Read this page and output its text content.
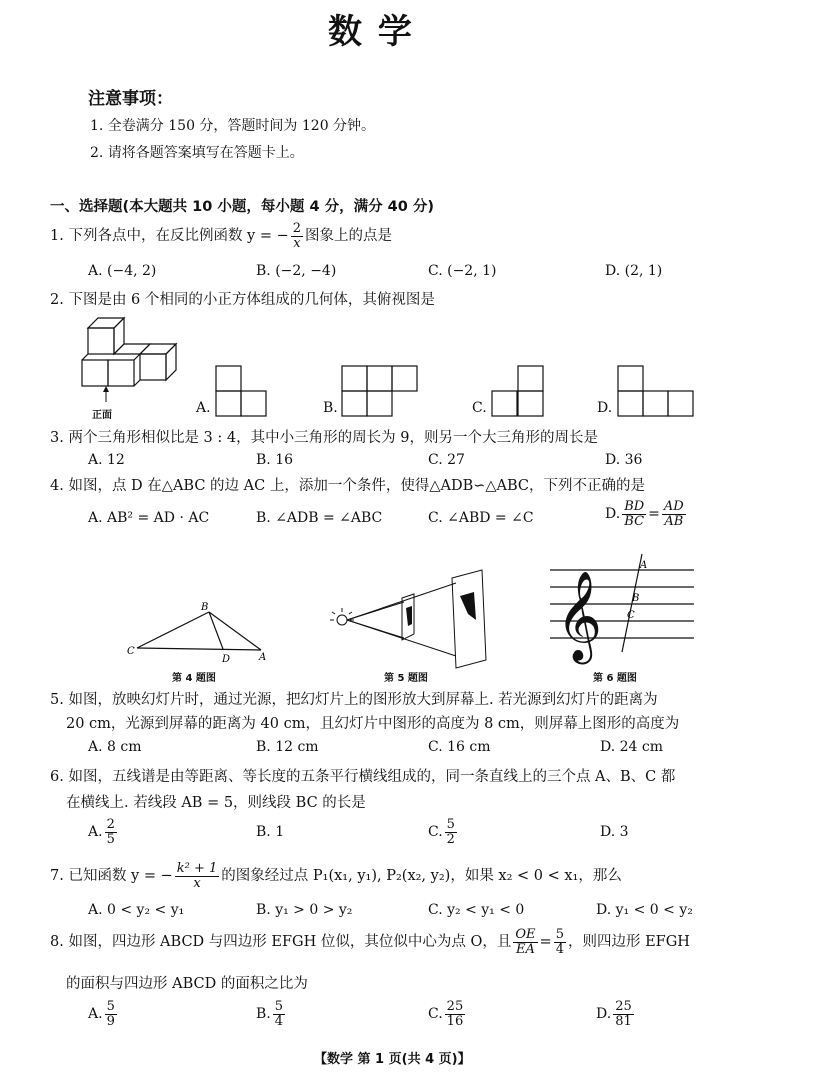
数 学
注意事项：
1. 全卷满分 150 分，答题时间为 120 分钟。
2. 请将各题答案填写在答题卡上。
一、选择题(本大题共 10 小题，每小题 4 分，满分 40 分)
1. 下列各点中，在反比例函数 y = − $\frac{2}{x}$ 图象上的点是
A. (−4, 2)	B. (−2, −4)	C. (−2, 1)	D. (2, 1)
2. 下图是由 6 个相同的小正方体组成的几何体，其俯视图是
正面	A.	B.	C.	D.
3. 两个三角形相似比是 3 : 4，其中小三角形的周长为 9，则另一个大三角形的周长是
A. 12	B. 16	C. 27	D. 36
4. 如图，点 D 在△ABC 的边 AC 上，添加一个条件，使得△ADB∽△ABC，下列不正确的是
A. AB² = AD · AC	B. ∠ADB = ∠ABC	C. ∠ABD = ∠C	D. $\frac{BD}{BC} = \frac{AD}{AB}$
B
C
D	A
第 4 题图	第 5 题图
𝄞
A
B
C
第 6 题图
5. 如图，放映幻灯片时，通过光源，把幻灯片上的图形放大到屏幕上. 若光源到幻灯片的距离为
20 cm，光源到屏幕的距离为 40 cm，且幻灯片中图形的高度为 8 cm，则屏幕上图形的高度为
A. 8 cm	B. 12 cm	C. 16 cm	D. 24 cm
6. 如图，五线谱是由等距离、等长度的五条平行横线组成的，同一条直线上的三个点 A、B、C 都
在横线上. 若线段 AB = 5，则线段 BC 的长是
A. $\frac{2}{5}$	B. 1	C. $\frac{5}{2}$	D. 3
7. 已知函数 y = − $\frac{\text{k² + 1}}{x}$ 的图象经过点 P₁(x₁, y₁), P₂(x₂, y₂)，如果 x₂ < 0 < x₁，那么
A. 0 < y₂ < y₁	B. y₁ > 0 > y₂	C. y₂ < y₁ < 0	D. y₁ < 0 < y₂
8. 如图，四边形 ABCD 与四边形 EFGH 位似，其位似中心为点 O，且 $\frac{OE}{EA} = \frac{5}{4}$ ，则四边形 EFGH
的面积与四边形 ABCD 的面积之比为
A. $\frac{5}{9}$	B. $\frac{5}{4}$	C. $\frac{25}{16}$	D. $\frac{25}{81}$
【数学 第 1 页(共 4 页)】
